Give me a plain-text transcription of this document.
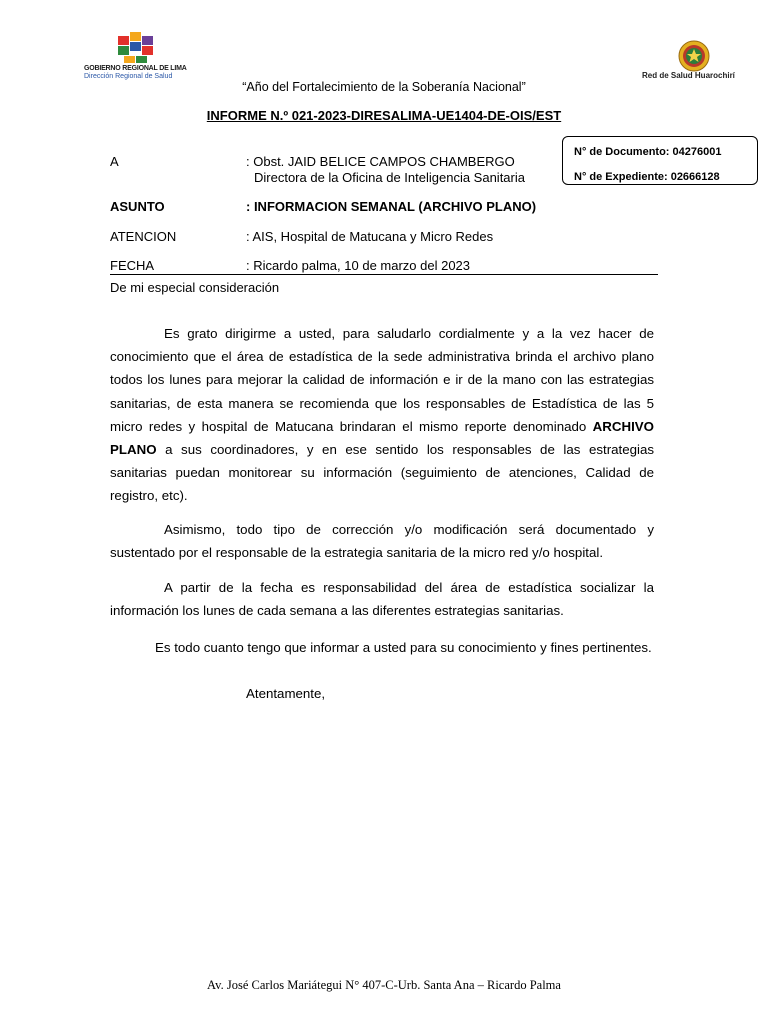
GOBIERNO REGIONAL DE LIMA
Dirección Regional de Salud	Red de Salud Huarochirí
“Año del Fortalecimiento de la Soberanía Nacional”
INFORME N.º 021-2023-DIRESALIMA-UE1404-DE-OIS/EST
N° de Documento: 04276001
N° de Expediente: 02666128
A	: Obst. JAID BELICE CAMPOS CHAMBERGO
Directora de la Oficina de Inteligencia Sanitaria
ASUNTO	: INFORMACION SEMANAL (ARCHIVO PLANO)
ATENCION	: AIS, Hospital de Matucana y Micro Redes
FECHA	: Ricardo palma, 10 de marzo del 2023
De mi especial consideración
Es grato dirigirme a usted, para saludarlo cordialmente y a la vez hacer de conocimiento que el área de estadística de la sede administrativa brinda el archivo plano todos los lunes para mejorar la calidad de información e ir de la mano con las estrategias sanitarias, de esta manera se recomienda que los responsables de Estadística de las 5 micro redes y hospital de Matucana brindaran el mismo reporte denominado ARCHIVO PLANO a sus coordinadores, y en ese sentido los responsables de las estrategias sanitarias puedan monitorear su información (seguimiento de atenciones, Calidad de registro, etc).
Asimismo, todo tipo de corrección y/o modificación será documentado y sustentado por el responsable de la estrategia sanitaria de la micro red y/o hospital.
A partir de la fecha es responsabilidad del área de estadística socializar la información los lunes de cada semana a las diferentes estrategias sanitarias.
Es todo cuanto tengo que informar a usted para su conocimiento y fines pertinentes.
Atentamente,
Av. José Carlos Mariátegui N° 407-C-Urb. Santa Ana – Ricardo Palma
